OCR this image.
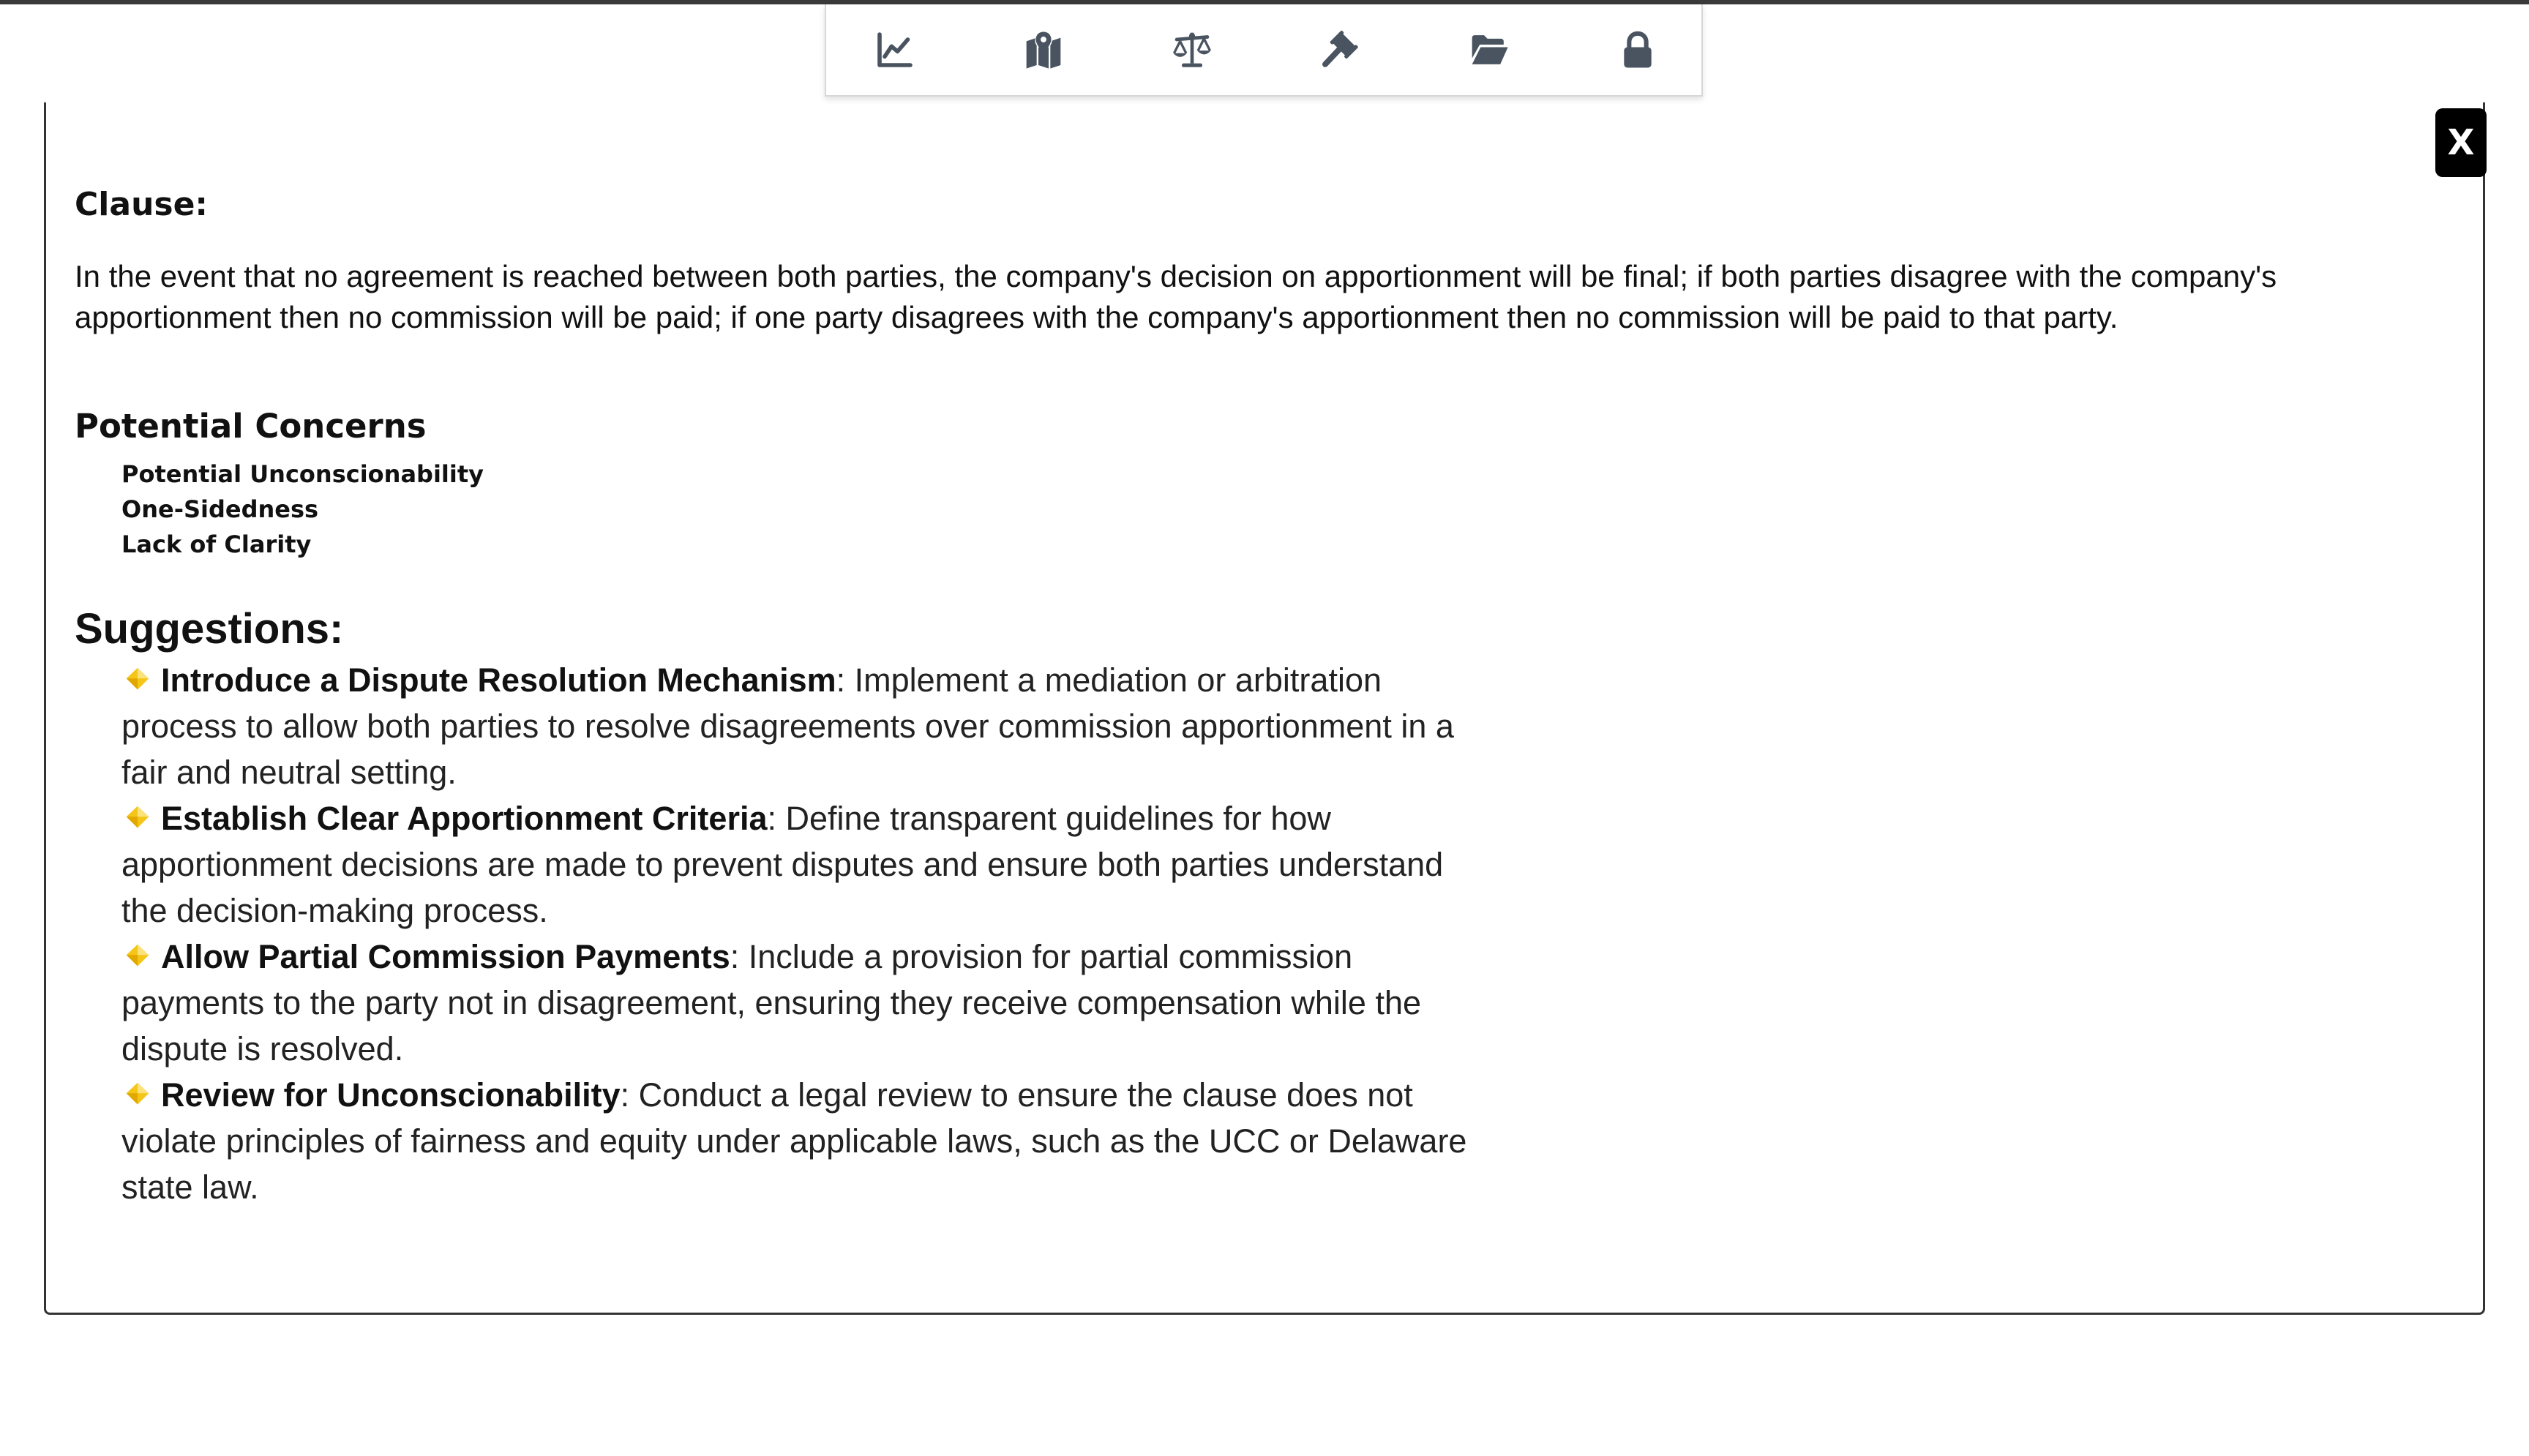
X
Clause:

In the event that no agreement is reached between both parties, the company's decision on apportionment will be final; if both parties disagree with the company's apportionment then no commission will be paid; if one party disagrees with the company's apportionment then no commission will be paid to that party.

Potential Concerns
Potential Unconscionability
One-Sidedness
Lack of Clarity
Suggestions:

Introduce a Dispute Resolution Mechanism: Implement a mediation or arbitration process to allow both parties to resolve disagreements over commission apportionment in a fair and neutral setting.

Establish Clear Apportionment Criteria: Define transparent guidelines for how apportionment decisions are made to prevent disputes and ensure both parties understand the decision-making process.

Allow Partial Commission Payments: Include a provision for partial commission payments to the party not in disagreement, ensuring they receive compensation while the dispute is resolved.

Review for Unconscionability: Conduct a legal review to ensure the clause does not violate principles of fairness and equity under applicable laws, such as the UCC or Delaware state law.
